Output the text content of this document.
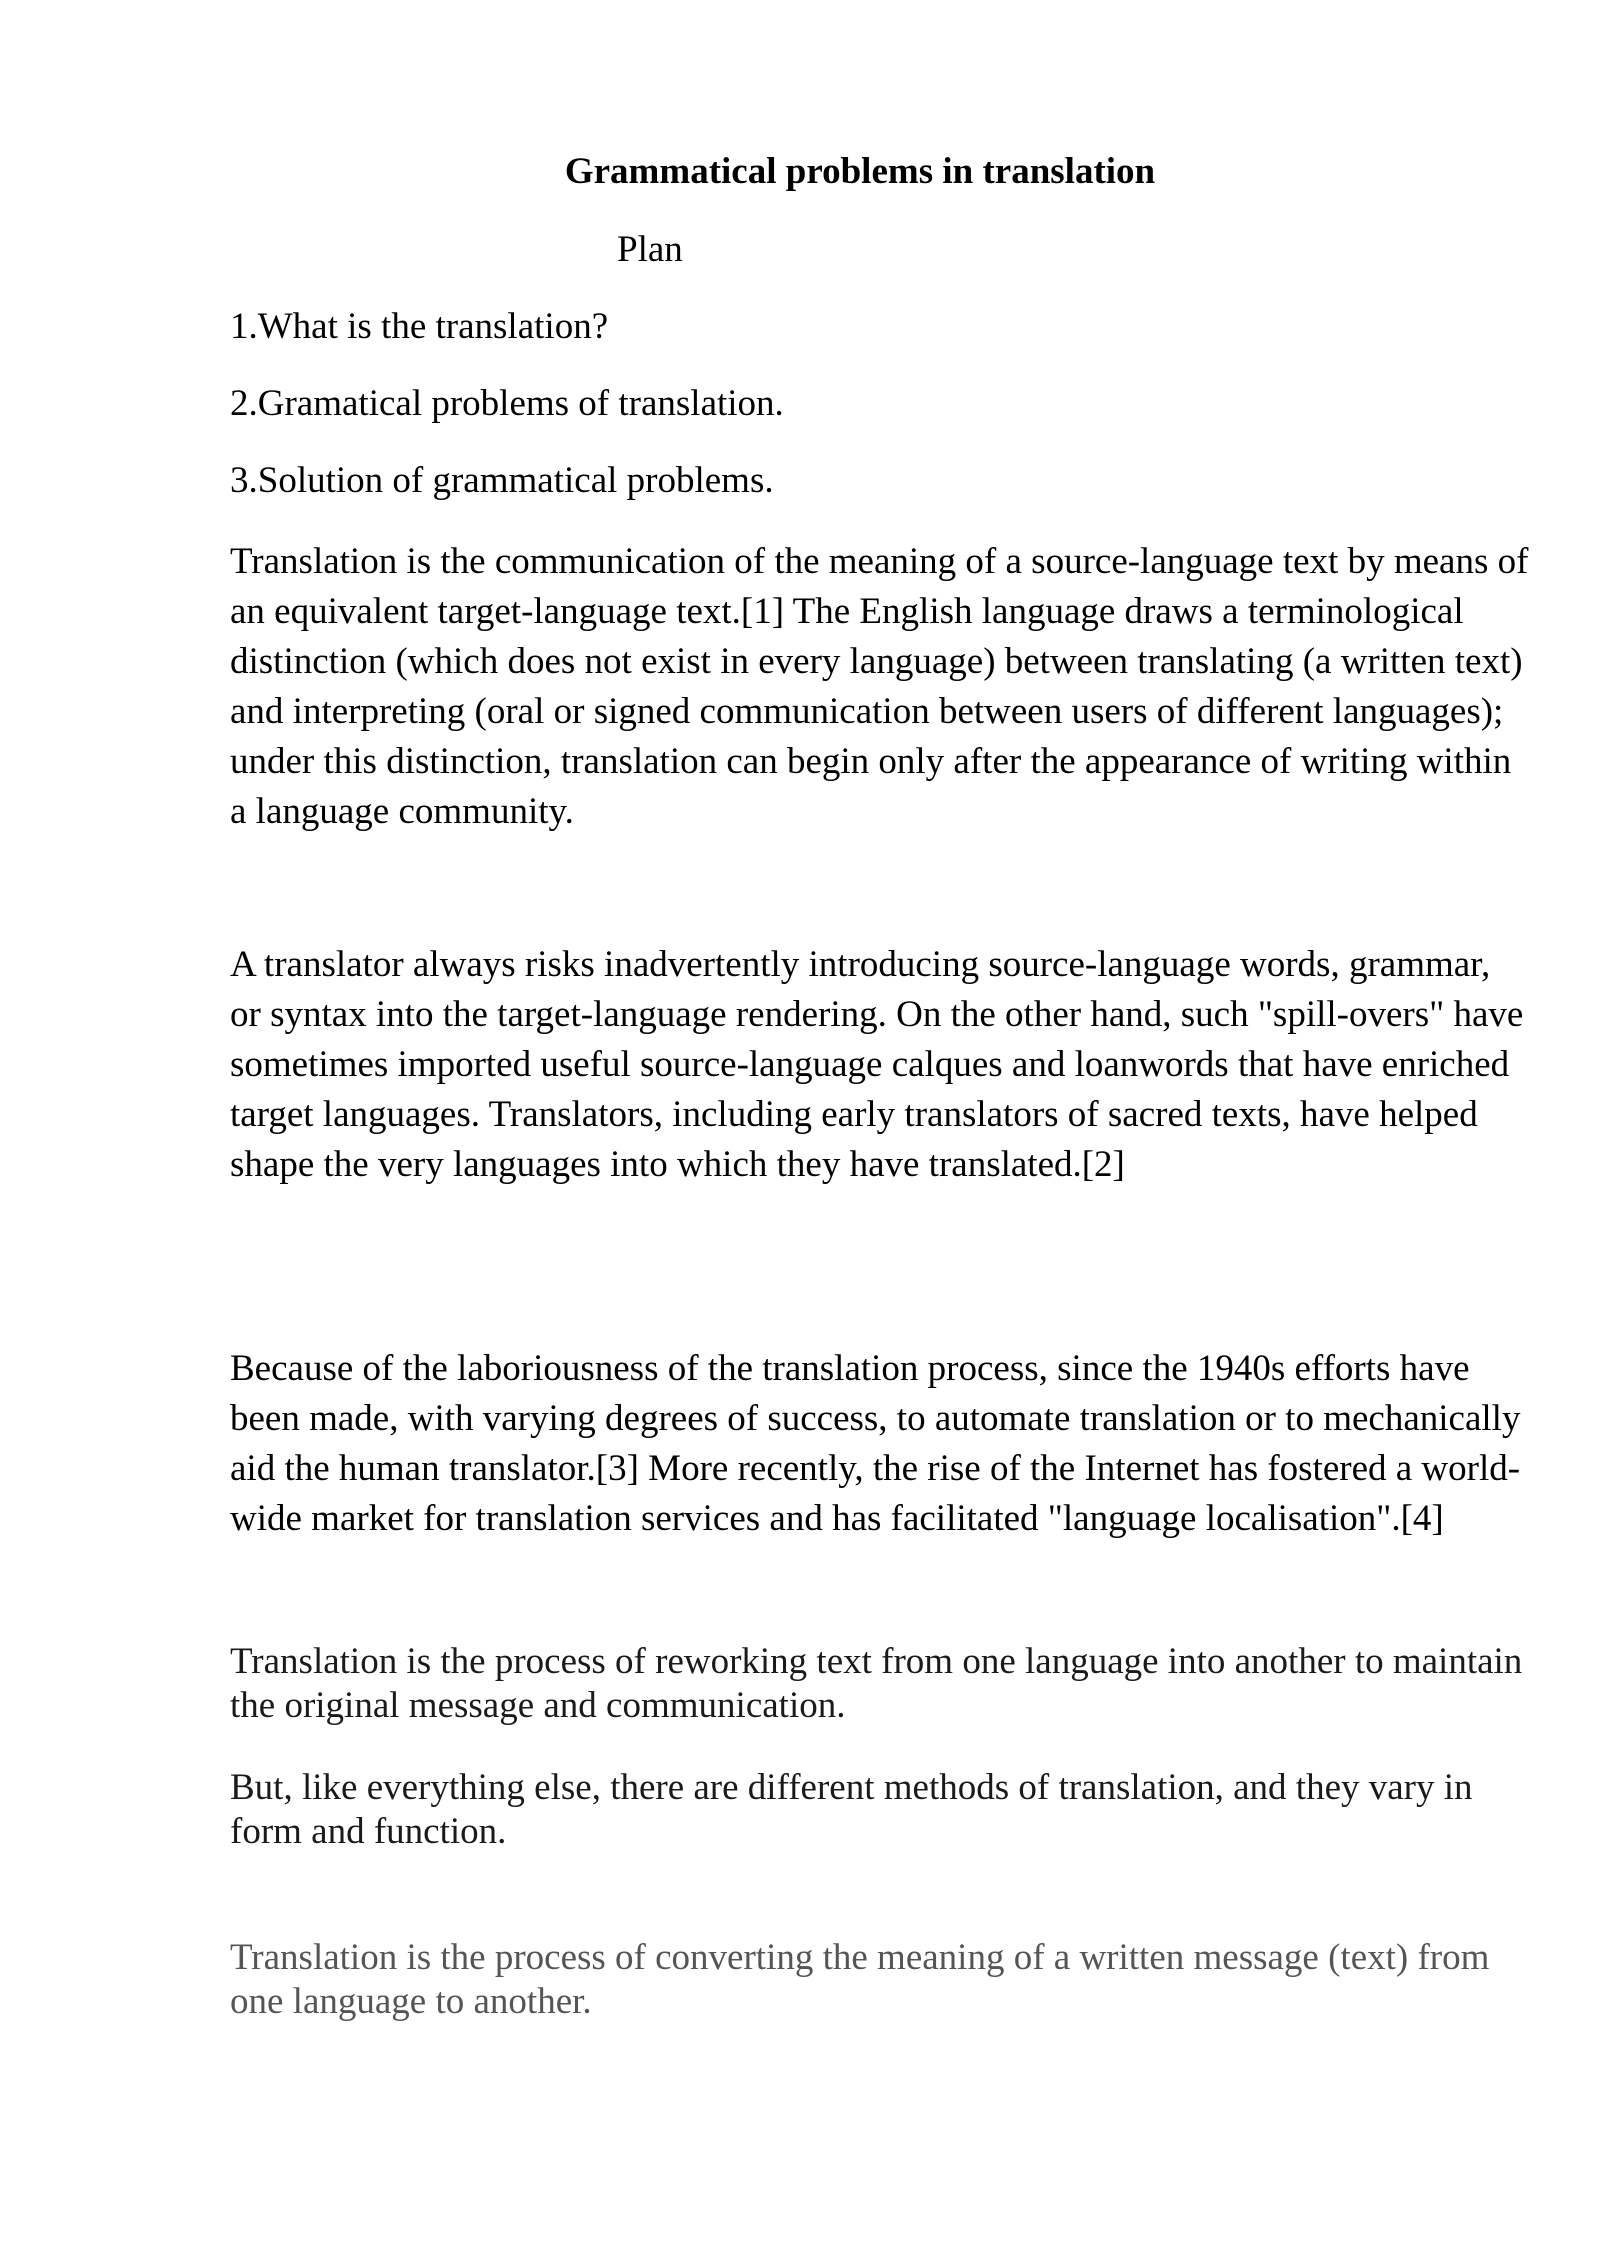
Grammatical problems in translation
Plan
1.What is the translation?
2.Gramatical problems of translation.
3.Solution of grammatical problems.

Translation is the communication of the meaning of a source-language text by means of an equivalent target-language text.[1] The English language draws a terminological distinction (which does not exist in every language) between translating (a written text) and interpreting (oral or signed communication between users of different languages); under this distinction, translation can begin only after the appearance of writing within a language community.

A translator always risks inadvertently introducing source-language words, grammar, or syntax into the target-language rendering. On the other hand, such "spill-overs" have sometimes imported useful source-language calques and loanwords that have enriched target languages. Translators, including early translators of sacred texts, have helped shape the very languages into which they have translated.[2]

Because of the laboriousness of the translation process, since the 1940s efforts have been made, with varying degrees of success, to automate translation or to mechanically aid the human translator.[3] More recently, the rise of the Internet has fostered a world-wide market for translation services and has facilitated "language localisation".[4]

Translation is the process of reworking text from one language into another to maintain the original message and communication.

But, like everything else, there are different methods of translation, and they vary in form and function.

Translation is the process of converting the meaning of a written message (text) from one language to another.
